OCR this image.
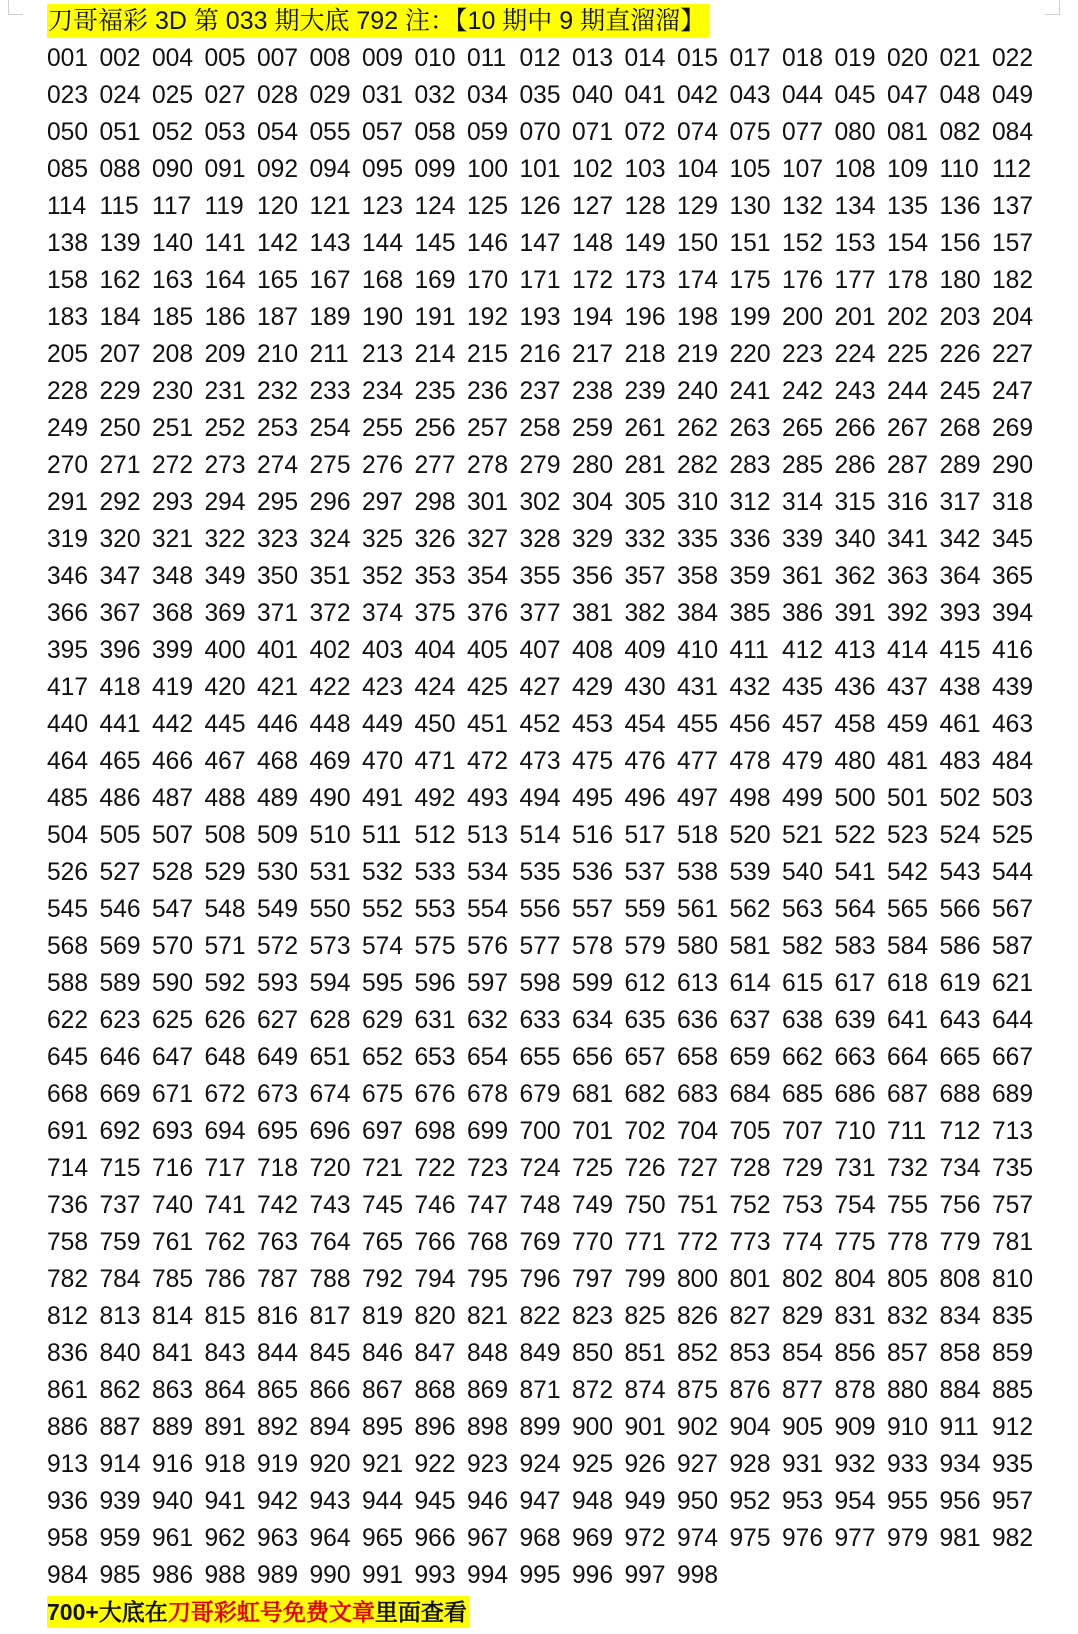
刀哥福彩 3D 第 033 期大底 792 注：【10 期中 9 期直溜溜】
001 002 004 005 007 008 009 010 011 012 013 014 015 017 018 019 020 021 022
023 024 025 027 028 029 031 032 034 035 040 041 042 043 044 045 047 048 049
050 051 052 053 054 055 057 058 059 070 071 072 074 075 077 080 081 082 084
085 088 090 091 092 094 095 099 100 101 102 103 104 105 107 108 109 110 112
114 115 117 119 120 121 123 124 125 126 127 128 129 130 132 134 135 136 137
138 139 140 141 142 143 144 145 146 147 148 149 150 151 152 153 154 156 157
158 162 163 164 165 167 168 169 170 171 172 173 174 175 176 177 178 180 182
183 184 185 186 187 189 190 191 192 193 194 196 198 199 200 201 202 203 204
205 207 208 209 210 211 213 214 215 216 217 218 219 220 223 224 225 226 227
228 229 230 231 232 233 234 235 236 237 238 239 240 241 242 243 244 245 247
249 250 251 252 253 254 255 256 257 258 259 261 262 263 265 266 267 268 269
270 271 272 273 274 275 276 277 278 279 280 281 282 283 285 286 287 289 290
291 292 293 294 295 296 297 298 301 302 304 305 310 312 314 315 316 317 318
319 320 321 322 323 324 325 326 327 328 329 332 335 336 339 340 341 342 345
346 347 348 349 350 351 352 353 354 355 356 357 358 359 361 362 363 364 365
366 367 368 369 371 372 374 375 376 377 381 382 384 385 386 391 392 393 394
395 396 399 400 401 402 403 404 405 407 408 409 410 411 412 413 414 415 416
417 418 419 420 421 422 423 424 425 427 429 430 431 432 435 436 437 438 439
440 441 442 445 446 448 449 450 451 452 453 454 455 456 457 458 459 461 463
464 465 466 467 468 469 470 471 472 473 475 476 477 478 479 480 481 483 484
485 486 487 488 489 490 491 492 493 494 495 496 497 498 499 500 501 502 503
504 505 507 508 509 510 511 512 513 514 516 517 518 520 521 522 523 524 525
526 527 528 529 530 531 532 533 534 535 536 537 538 539 540 541 542 543 544
545 546 547 548 549 550 552 553 554 556 557 559 561 562 563 564 565 566 567
568 569 570 571 572 573 574 575 576 577 578 579 580 581 582 583 584 586 587
588 589 590 592 593 594 595 596 597 598 599 612 613 614 615 617 618 619 621
622 623 625 626 627 628 629 631 632 633 634 635 636 637 638 639 641 643 644
645 646 647 648 649 651 652 653 654 655 656 657 658 659 662 663 664 665 667
668 669 671 672 673 674 675 676 678 679 681 682 683 684 685 686 687 688 689
691 692 693 694 695 696 697 698 699 700 701 702 704 705 707 710 711 712 713
714 715 716 717 718 720 721 722 723 724 725 726 727 728 729 731 732 734 735
736 737 740 741 742 743 745 746 747 748 749 750 751 752 753 754 755 756 757
758 759 761 762 763 764 765 766 768 769 770 771 772 773 774 775 778 779 781
782 784 785 786 787 788 792 794 795 796 797 799 800 801 802 804 805 808 810
812 813 814 815 816 817 819 820 821 822 823 825 826 827 829 831 832 834 835
836 840 841 843 844 845 846 847 848 849 850 851 852 853 854 856 857 858 859
861 862 863 864 865 866 867 868 869 871 872 874 875 876 877 878 880 884 885
886 887 889 891 892 894 895 896 898 899 900 901 902 904 905 909 910 911 912
913 914 916 918 919 920 921 922 923 924 925 926 927 928 931 932 933 934 935
936 939 940 941 942 943 944 945 946 947 948 949 950 952 953 954 955 956 957
958 959 961 962 963 964 965 966 967 968 969 972 974 975 976 977 979 981 982
984 985 986 988 989 990 991 993 994 995 996 997 998
700+大底在刀哥彩虹号免费文章里面查看
